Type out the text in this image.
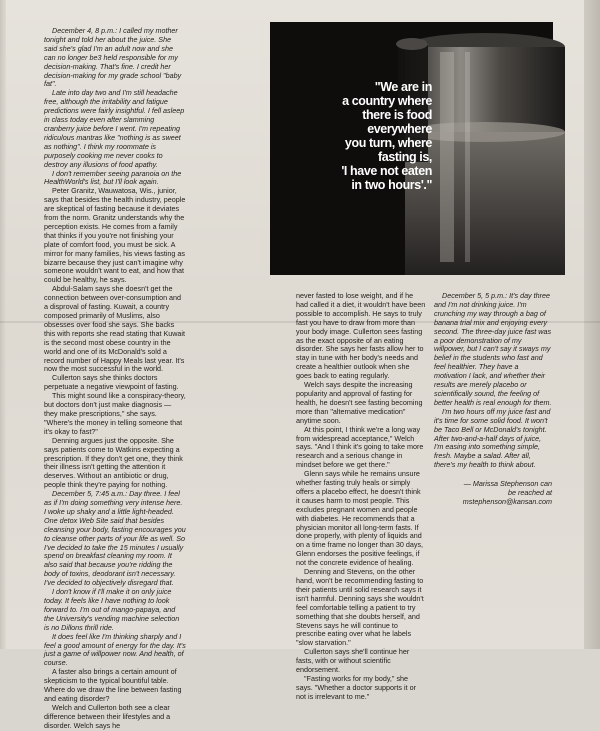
December 4, 8 p.m.: I called my mother tonight and told her about the juice. She said she's glad I'm an adult now and she can no longer be3 held responsible for my decision-making. That's fine. I credit her decision-making for my grade school "baby fat".

Late into day two and I'm still headache free, although the irritability and fatigue predictions were fairly insightful. I fell asleep in class today even after slamming cranberry juice before I went. I'm repeating ridiculous mantras like "nothing is as sweet as nothing". I think my roommate is purposely cooking me never cooks to destroy any illusions of food apathy.

I don't remember seeing paranoia on the HealthWorld's list, but I'll look again.

Peter Granitz, Wauwatosa, Wis., junior, says that besides the health industry, people are skeptical of fasting because it deviates from the norm. Granitz understands why the perception exists. He comes from a family that thinks if you you're not finishing your plate of comfort food, you must be sick. A mirror for many families, his views fasting as bizarre because they just can't imagine why someone wouldn't want to eat, and how that could be healthy, he says.

Abdul-Salam says she doesn't get the connection between over-consumption and a disproval of fasting. Kuwait, a country composed primarily of Muslims, also obsesses over food she says. She backs this with reports she read stating that Kuwait is the second most obese country in the world and one of its McDonald's sold a record number of Happy Meals last year. It's now the most successful in the world.

Cullerton says she thinks doctors perpetuate a negative viewpoint of fasting.

This might sound like a conspiracy-theory, but doctors don't just make diagnosis — they make prescriptions," she says. "Where's the money in telling someone that it's okay to fast?"

Denning argues just the opposite. She says patients come to Watkins expecting a prescription. If they don't get one, they think their illness isn't getting the attention it deserves. Without an antibiotic or drug, people think they're paying for nothing.

December 5, 7:45 a.m.: Day three. I feel as if I'm doing something very intense here. I woke up shaky and a little light-headed. One detox Web Site said that besides cleansing your body, fasting encourages you to cleanse other parts of your life as well. So I've decided to take the 15 minutes I usually spend on breakfast cleaning my room. It also said that because you're ridding the body of toxins, deodorant isn't necessary. I've decided to objectively disregard that.

I don't know if I'll make it on only juice today. It feels like I have nothing to look forward to. I'm out of mango-papaya, and the University's vending machine selection is no Dillons thrill ride.

It does feel like I'm thinking sharply and I feel a good amount of energy for the day. It's just a game of willpower now. And health, of course.

A faster also brings a certain amount of skepticism to the typical bountiful table. Where do we draw the line between fasting and eating disorder?

Welch and Cullerton both see a clear difference between their lifestyles and a disorder. Welch says he

"We are in
a country where
there is food
everywhere
you turn, where
fasting is,
'I have not eaten
in two hours'."

never fasted to lose weight, and if he had called it a diet, it wouldn't have been possible to accomplish. He says to truly fast you have to draw from more than your body image. Cullerton sees fasting as the exact opposite of an eating disorder. She says her fasts allow her to stay in tune with her body's needs and create a healthier outlook when she goes back to eating regularly.

Welch says despite the increasing popularity and approval of fasting for health, he doesn't see fasting becoming more than "alternative medication" anytime soon.

At this point, I think we're a long way from widespread acceptance," Welch says. "And I think it's going to take more research and a serious change in mindset before we get there."

Glenn says while he remains unsure whether fasting truly heals or simply offers a placebo effect, he doesn't think it causes harm to most people. This excludes pregnant women and people with diabetes. He recommends that a physician monitor all long-term fasts. If done properly, with plenty of liquids and on a time frame no longer than 30 days, Glenn endorses the positive feelings, if not the concrete evidence of healing.

Denning and Stevens, on the other hand, won't be recommending fasting to their patients until solid research says it isn't harmful. Denning says she wouldn't feel comfortable telling a patient to try something that she doubts herself, and Stevens says he will continue to prescribe eating over what he labels "slow starvation."

Cullerton says she'll continue her fasts, with or without scientific endorsement.

"Fasting works for my body," she says. "Whether a doctor supports it or not is irrelevant to me."

December 5, 5 p.m.: It's day three and I'm not drinking juice. I'm crunching my way through a bag of banana trial mix and enjoying every second. The three-day juice fast was a poor demonstration of my willpower, but I can't say it sways my belief in the students who fast and feel healthier. They have a motivation I lack, and whether their results are merely placebo or scientifically sound, the feeling of better health is real enough for them.

I'm two hours off my juice fast and it's time for some solid food. It won't be Taco Bell or McDonald's tonight. After two-and-a-half days of juice, I'm easing into something simple, fresh. Maybe a salad. After all, there's my health to think about.

— Marissa Stephenson can
be reached at
mstephenson@kansan.com
